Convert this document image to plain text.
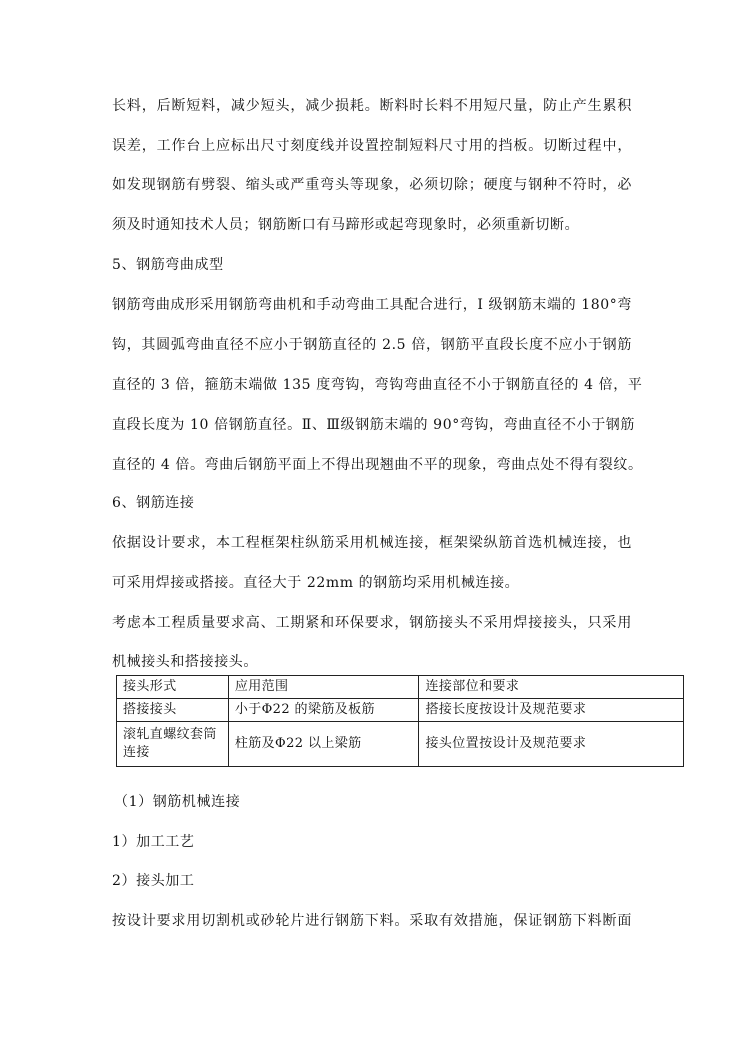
长料，后断短料，减少短头，减少损耗。断料时长料不用短尺量，防止产生累积
误差，工作台上应标出尺寸刻度线并设置控制短料尺寸用的挡板。切断过程中，
如发现钢筋有劈裂、缩头或严重弯头等现象，必须切除；硬度与钢种不符时，必
须及时通知技术人员；钢筋断口有马蹄形或起弯现象时，必须重新切断。
5、钢筋弯曲成型
钢筋弯曲成形采用钢筋弯曲机和手动弯曲工具配合进行，I 级钢筋末端的 180°弯
钩，其圆弧弯曲直径不应小于钢筋直径的 2.5 倍，钢筋平直段长度不应小于钢筋
直径的 3 倍，箍筋末端做 135 度弯钩，弯钩弯曲直径不小于钢筋直径的 4 倍，平
直段长度为 10 倍钢筋直径。Ⅱ、Ⅲ级钢筋末端的 90°弯钩，弯曲直径不小于钢筋
直径的 4 倍。弯曲后钢筋平面上不得出现翘曲不平的现象，弯曲点处不得有裂纹。
6、钢筋连接
依据设计要求，本工程框架柱纵筋采用机械连接，框架梁纵筋首选机械连接，也
可采用焊接或搭接。直径大于 22mm 的钢筋均采用机械连接。
考虑本工程质量要求高、工期紧和环保要求，钢筋接头不采用焊接接头，只采用
机械接头和搭接接头。
接头形式	应用范围	连接部位和要求
搭接接头	小于Φ22 的梁筋及板筋	搭接长度按设计及规范要求
滚轧直螺纹套筒
连接	柱筋及Φ22 以上梁筋	接头位置按设计及规范要求
（1）钢筋机械连接
1）加工工艺
2）接头加工
按设计要求用切割机或砂轮片进行钢筋下料。采取有效措施，保证钢筋下料断面
